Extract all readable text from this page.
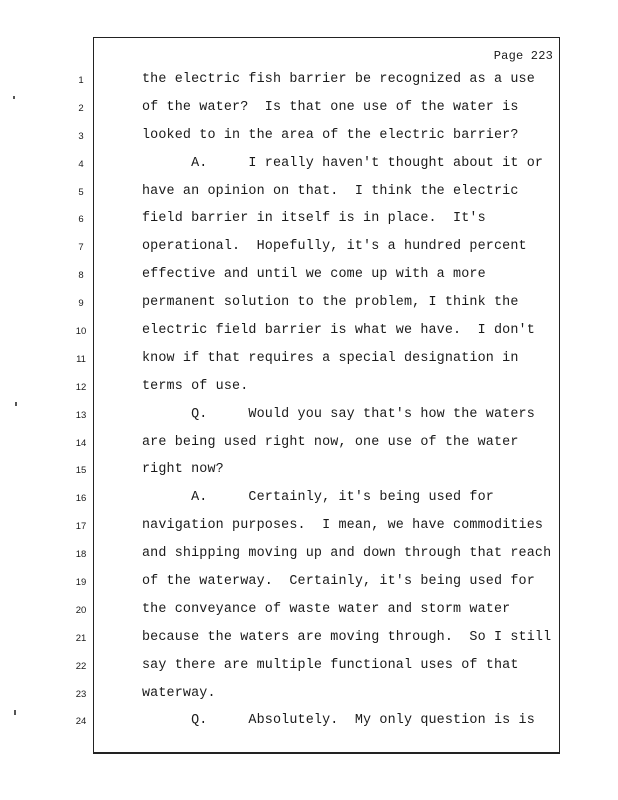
Page 223
1	the electric fish barrier be recognized as a use
2	of the water?  Is that one use of the water is
3	looked to in the area of the electric barrier?
4	A.     I really haven't thought about it or
5	have an opinion on that.  I think the electric
6	field barrier in itself is in place.  It's
7	operational.  Hopefully, it's a hundred percent
8	effective and until we come up with a more
9	permanent solution to the problem, I think the
10	electric field barrier is what we have.  I don't
11	know if that requires a special designation in
12	terms of use.
13	Q.     Would you say that's how the waters
14	are being used right now, one use of the water
15	right now?
16	A.     Certainly, it's being used for
17	navigation purposes.  I mean, we have commodities
18	and shipping moving up and down through that reach
19	of the waterway.  Certainly, it's being used for
20	the conveyance of waste water and storm water
21	because the waters are moving through.  So I still
22	say there are multiple functional uses of that
23	waterway.
24	Q.     Absolutely.  My only question is is
